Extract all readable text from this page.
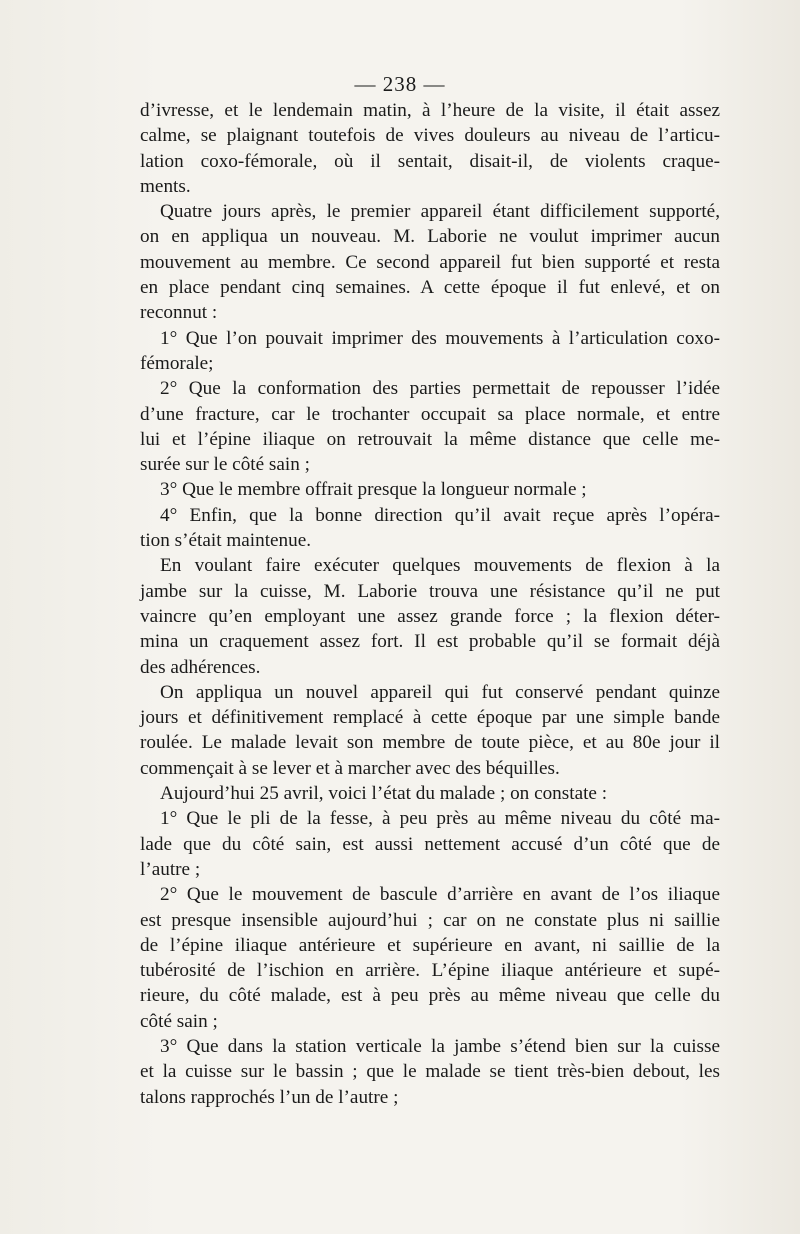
— 238 —
d’ivresse, et le lendemain matin, à l’heure de la visite, il était assez
calme, se plaignant toutefois de vives douleurs au niveau de l’articu-
lation coxo-fémorale, où il sentait, disait-il, de violents craque-
ments.
Quatre jours après, le premier appareil étant difficilement supporté,
on en appliqua un nouveau. M. Laborie ne voulut imprimer aucun
mouvement au membre. Ce second appareil fut bien supporté et resta
en place pendant cinq semaines. A cette époque il fut enlevé, et on
reconnut :
1° Que l’on pouvait imprimer des mouvements à l’articulation coxo-
fémorale;
2° Que la conformation des parties permettait de repousser l’idée
d’une fracture, car le trochanter occupait sa place normale, et entre
lui et l’épine iliaque on retrouvait la même distance que celle me-
surée sur le côté sain ;
3° Que le membre offrait presque la longueur normale ;
4° Enfin, que la bonne direction qu’il avait reçue après l’opéra-
tion s’était maintenue.
En voulant faire exécuter quelques mouvements de flexion à la
jambe sur la cuisse, M. Laborie trouva une résistance qu’il ne put
vaincre qu’en employant une assez grande force ; la flexion déter-
mina un craquement assez fort. Il est probable qu’il se formait déjà
des adhérences.
On appliqua un nouvel appareil qui fut conservé pendant quinze
jours et définitivement remplacé à cette époque par une simple bande
roulée. Le malade levait son membre de toute pièce, et au 80e jour il
commençait à se lever et à marcher avec des béquilles.
Aujourd’hui 25 avril, voici l’état du malade ; on constate :
1° Que le pli de la fesse, à peu près au même niveau du côté ma-
lade que du côté sain, est aussi nettement accusé d’un côté que de
l’autre ;
2° Que le mouvement de bascule d’arrière en avant de l’os iliaque
est presque insensible aujourd’hui ; car on ne constate plus ni saillie
de l’épine iliaque antérieure et supérieure en avant, ni saillie de la
tubérosité de l’ischion en arrière. L’épine iliaque antérieure et supé-
rieure, du côté malade, est à peu près au même niveau que celle du
côté sain ;
3° Que dans la station verticale la jambe s’étend bien sur la cuisse
et la cuisse sur le bassin ; que le malade se tient très-bien debout, les
talons rapprochés l’un de l’autre ;
